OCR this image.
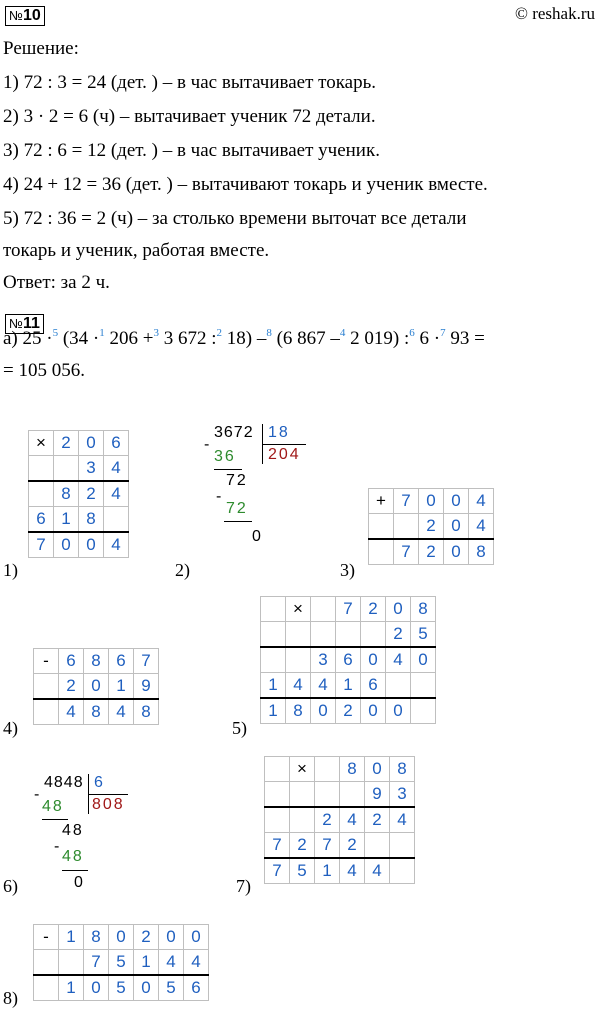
№10	© reshak.ru
Решение:
1) 72 : 3 = 24 (дет. ) – в час вытачивает токарь.
2) 3 · 2 = 6 (ч) – вытачивает ученик 72 детали.
3) 72 : 6 = 12 (дет. ) – в час вытачивает ученик.
4) 24 + 12 = 36 (дет. ) – вытачивают токарь и ученик вместе.
5) 72 : 36 = 2 (ч) – за столько времени выточат все детали
токарь и ученик, работая вместе.
Ответ: за 2 ч.
№11
а) 25 ·$^5$ (34 ·$^1$ 206 +$^3$ 3 672 :$^2$ 18) –$^8$ (6 867 –$^4$ 2 019) :$^6$ 6 ·$^7$ 93 =
= 105 056.
×	2	0	6
		3	4
	8	2	4
6	1	8	
7	0	0	4
1)
3672 18
204
-
36
72
-
72
0
2)
+	7	0	0	4
		2	0	4
	7	2	0	8
3)
-	6	8	6	7
	2	0	1	9
	4	8	4	8
4)
	×		7	2	0	8
					2	5
		3	6	0	4	0
1	4	4	1	6		
1	8	0	2	0	0	
5)
4848 6
808
-
48
48
-
48
0
6)
	×		8	0	8
				9	3
		2	4	2	4
7	2	7	2		
7	5	1	4	4	
7)
-	1	8	0	2	0	0
		7	5	1	4	4
	1	0	5	0	5	6
8)
